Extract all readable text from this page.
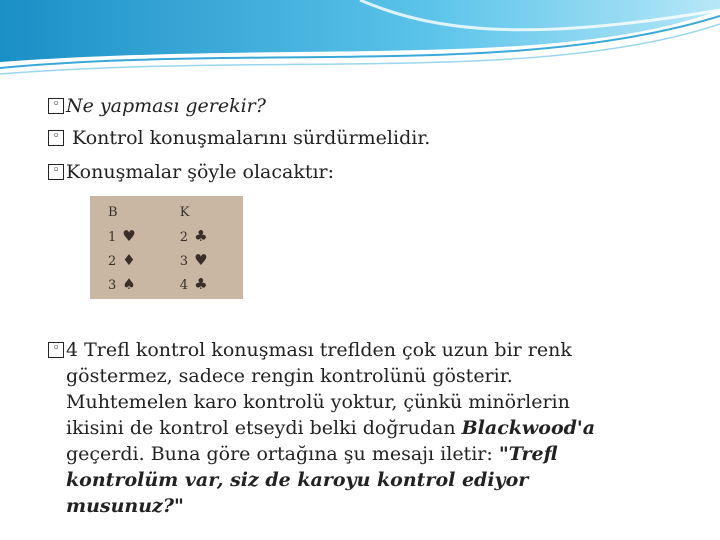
▫ Ne yapması gerekir?
▫ Kontrol konuşmalarını sürdürmelidir.
▫ Konuşmalar şöyle olacaktır:
B	K
1 ♥	2 ♣
2 ♦	3 ♥
3 ♠	4 ♣
▫ 4 Trefl kontrol konuşması treflden çok uzun bir renk
göstermez, sadece rengin kontrolünü gösterir.
Muhtemelen karo kontrolü yoktur, çünkü minörlerin
ikisini de kontrol etseydi belki doğrudan Blackwood'a
geçerdi. Buna göre ortağına şu mesajı iletir: "Trefl
kontrolüm var, siz de karoyu kontrol ediyor
musunuz?"
